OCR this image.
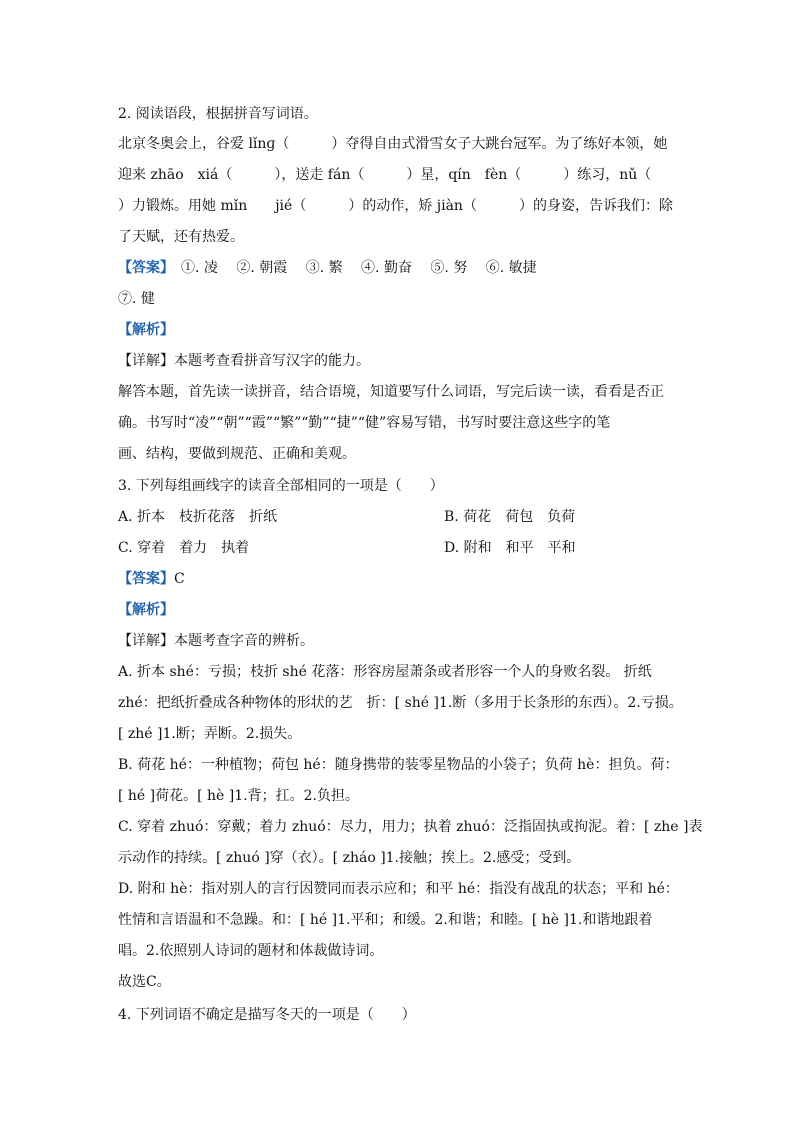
2. 阅读语段，根据拼音写词语。
北京冬奥会上，谷爱 lǐnɡ（　　　）夺得自由式滑雪女子大跳台冠军。为了练好本领，她
迎来 zhāo　xiá（　　　），送走 fán（　　　）星，qín　fèn（　　　）练习，nǔ（
）力锻炼。用她 mǐn　　jié（　　　）的动作，矫 jiàn（　　　）的身姿，告诉我们：除
了天赋，还有热爱。
【答案】　①. 凌　 ②. 朝霞　 ③. 繁　 ④. 勤奋　 ⑤. 努　 ⑥. 敏捷
⑦. 健
【解析】
【详解】本题考查看拼音写汉字的能力。
解答本题，首先读一读拼音，结合语境，知道要写什么词语，写完后读一读，看看是否正
确。书写时“凌”“朝”“霞”“繁”“勤”“捷”“健”容易写错，书写时要注意这些字的笔
画、结构，要做到规范、正确和美观。
3. 下列每组画线字的读音全部相同的一项是（　　）
A. 折本　枝折花落　折纸	B. 荷花　荷包　负荷
C. 穿着　着力　执着	D. 附和　和平　平和
【答案】C
【解析】
【详解】本题考查字音的辨析。
A. 折本 shé：亏损；枝折 shé 花落：形容房屋萧条或者形容一个人的身败名裂。 折纸
zhé：把纸折叠成各种物体的形状的艺　折：[ shé ]1.断（多用于长条形的东西）。2.亏损。
[ zhé ]1.断；弄断。2.损失。
B. 荷花 hé：一种植物；荷包 hé：随身携带的装零星物品的小袋子；负荷 hè：担负。荷：
[ hé ]荷花。[ hè ]1.背；扛。2.负担。
C. 穿着 zhuó：穿戴；着力 zhuó：尽力，用力；执着 zhuó：泛指固执或拘泥。着：[ zhe ]表
示动作的持续。[ zhuó ]穿（衣）。[ zháo ]1.接触；挨上。2.感受；受到。
D. 附和 hè：指对别人的言行因赞同而表示应和；和平 hé：指没有战乱的状态；平和 hé：
性情和言语温和不急躁。和：[ hé ]1.平和；和缓。2.和谐；和睦。[ hè ]1.和谐地跟着
唱。2.依照别人诗词的题材和体裁做诗词。
故选C。
4. 下列词语不确定是描写冬天的一项是（　　）
